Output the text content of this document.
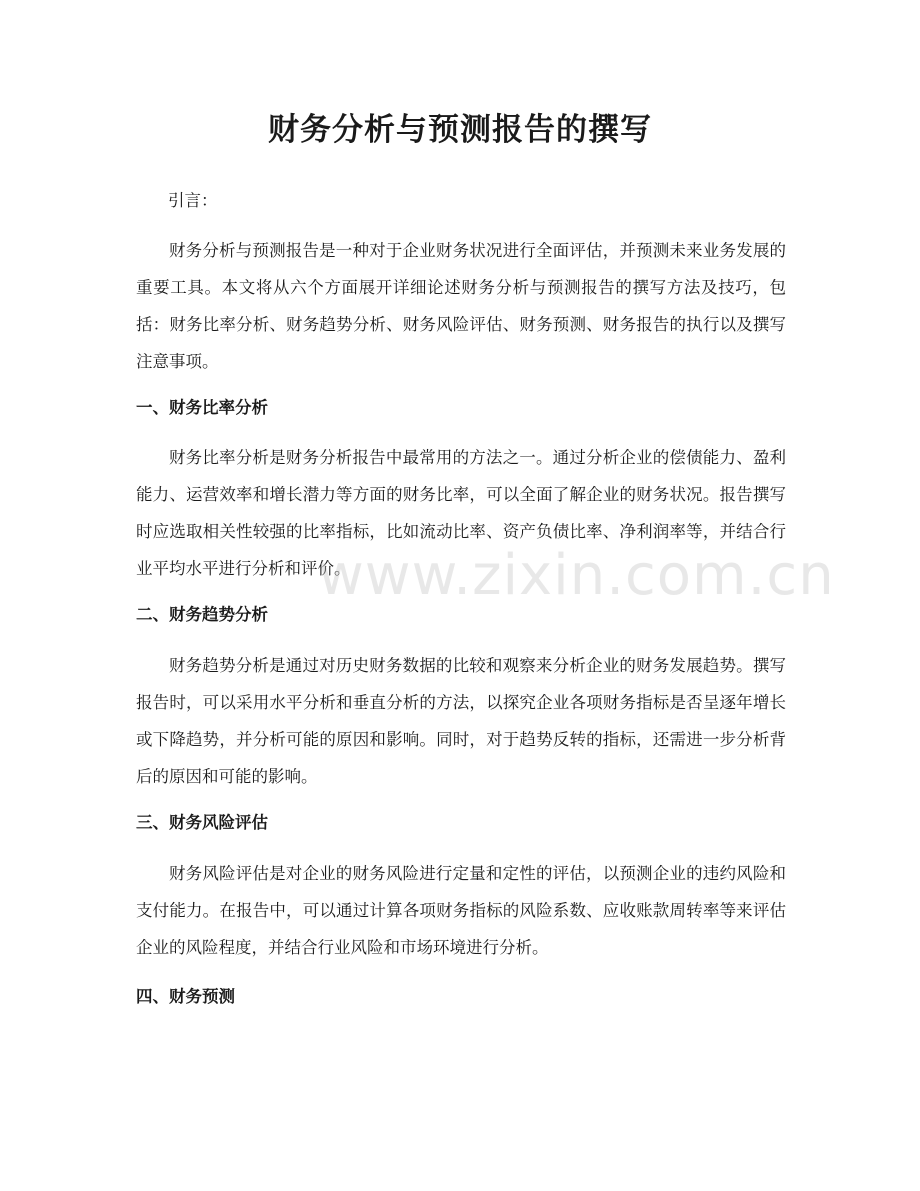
财务分析与预测报告的撰写

引言：

财务分析与预测报告是一种对于企业财务状况进行全面评估，并预测未来业务发展的重要工具。本文将从六个方面展开详细论述财务分析与预测报告的撰写方法及技巧，包括：财务比率分析、财务趋势分析、财务风险评估、财务预测、财务报告的执行以及撰写注意事项。

一、财务比率分析

财务比率分析是财务分析报告中最常用的方法之一。通过分析企业的偿债能力、盈利能力、运营效率和增长潜力等方面的财务比率，可以全面了解企业的财务状况。报告撰写时应选取相关性较强的比率指标，比如流动比率、资产负债比率、净利润率等，并结合行业平均水平进行分析和评价。

二、财务趋势分析

财务趋势分析是通过对历史财务数据的比较和观察来分析企业的财务发展趋势。撰写报告时，可以采用水平分析和垂直分析的方法，以探究企业各项财务指标是否呈逐年增长或下降趋势，并分析可能的原因和影响。同时，对于趋势反转的指标，还需进一步分析背后的原因和可能的影响。

三、财务风险评估

财务风险评估是对企业的财务风险进行定量和定性的评估，以预测企业的违约风险和支付能力。在报告中，可以通过计算各项财务指标的风险系数、应收账款周转率等来评估企业的风险程度，并结合行业风险和市场环境进行分析。

四、财务预测
www.zixin.com.cn
